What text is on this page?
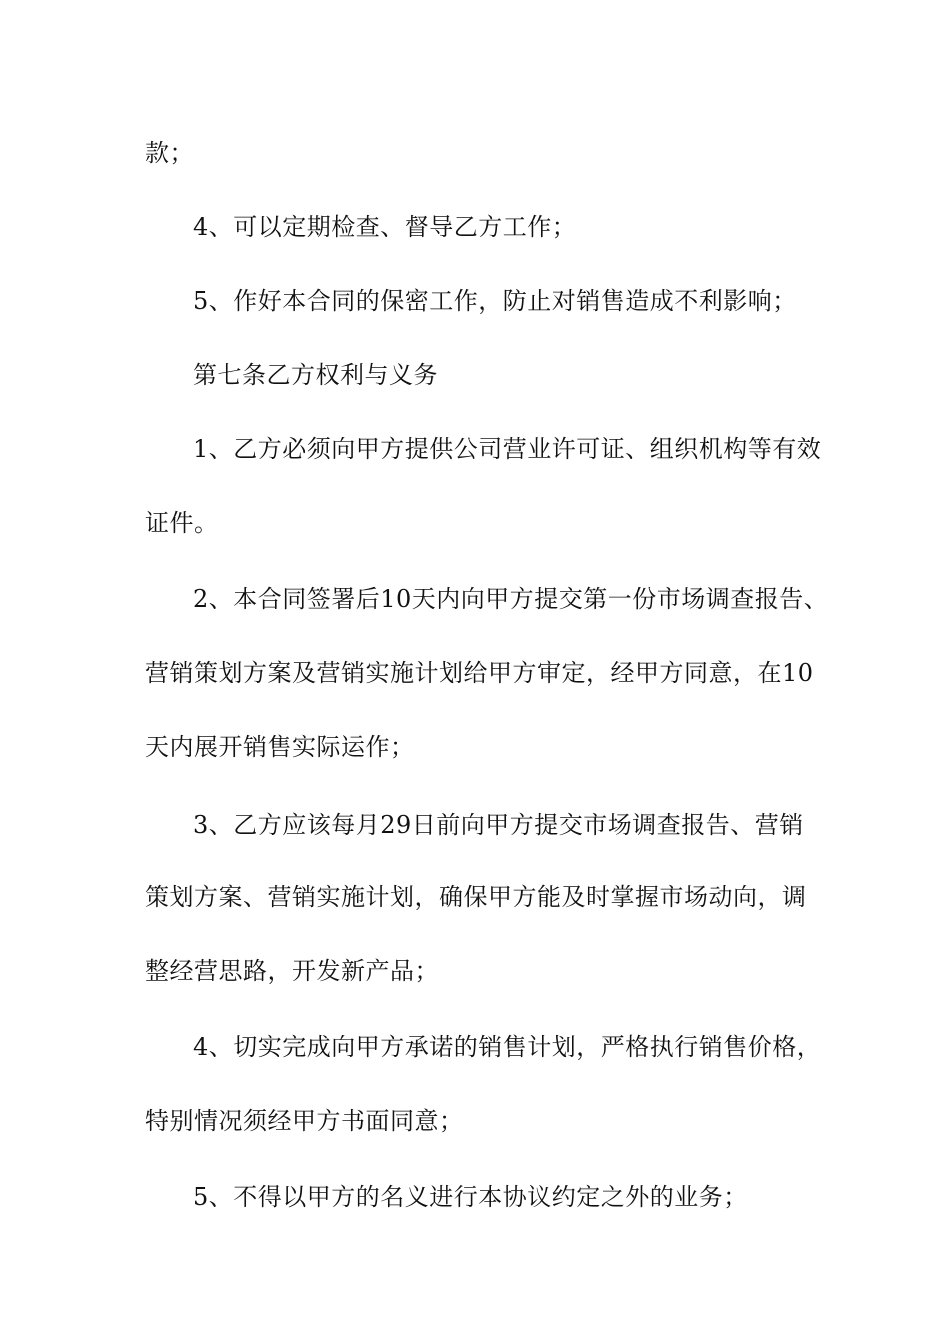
款；
4、可以定期检查、督导乙方工作；
5、作好本合同的保密工作，防止对销售造成不利影响；
第七条乙方权利与义务
1、乙方必须向甲方提供公司营业许可证、组织机构等有效
证件。
2、本合同签署后10天内向甲方提交第一份市场调查报告、
营销策划方案及营销实施计划给甲方审定，经甲方同意，在10
天内展开销售实际运作；
3、乙方应该每月29日前向甲方提交市场调查报告、营销
策划方案、营销实施计划，确保甲方能及时掌握市场动向，调
整经营思路，开发新产品；
4、切实完成向甲方承诺的销售计划，严格执行销售价格，
特别情况须经甲方书面同意；
5、不得以甲方的名义进行本协议约定之外的业务；
